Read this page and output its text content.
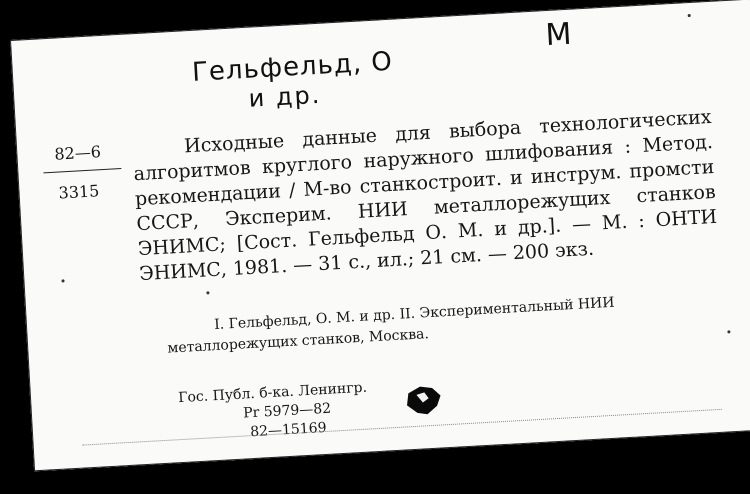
Гельфельд, О
и др.
М
82—6
3315
Исходные данные для выбора технологических алгоритмов круглого наружного шлифования : Метод. рекомендации / М-во станкостроит. и инструм. промсти СССР, Эксперим. НИИ металлорежущих станков ЭНИМС; [Сост. Гельфельд О. М. и др.]. — М. : ОНТИ ЭНИМС, 1981. — 31 с., ил.; 21 см. — 200 экз.
I. Гельфельд, О. М. и др. II. Экспериментальный НИИ металлорежущих станков, Москва.
Гос. Публ. б-ка. Ленингр.
Pr 5979—82
82—15169
